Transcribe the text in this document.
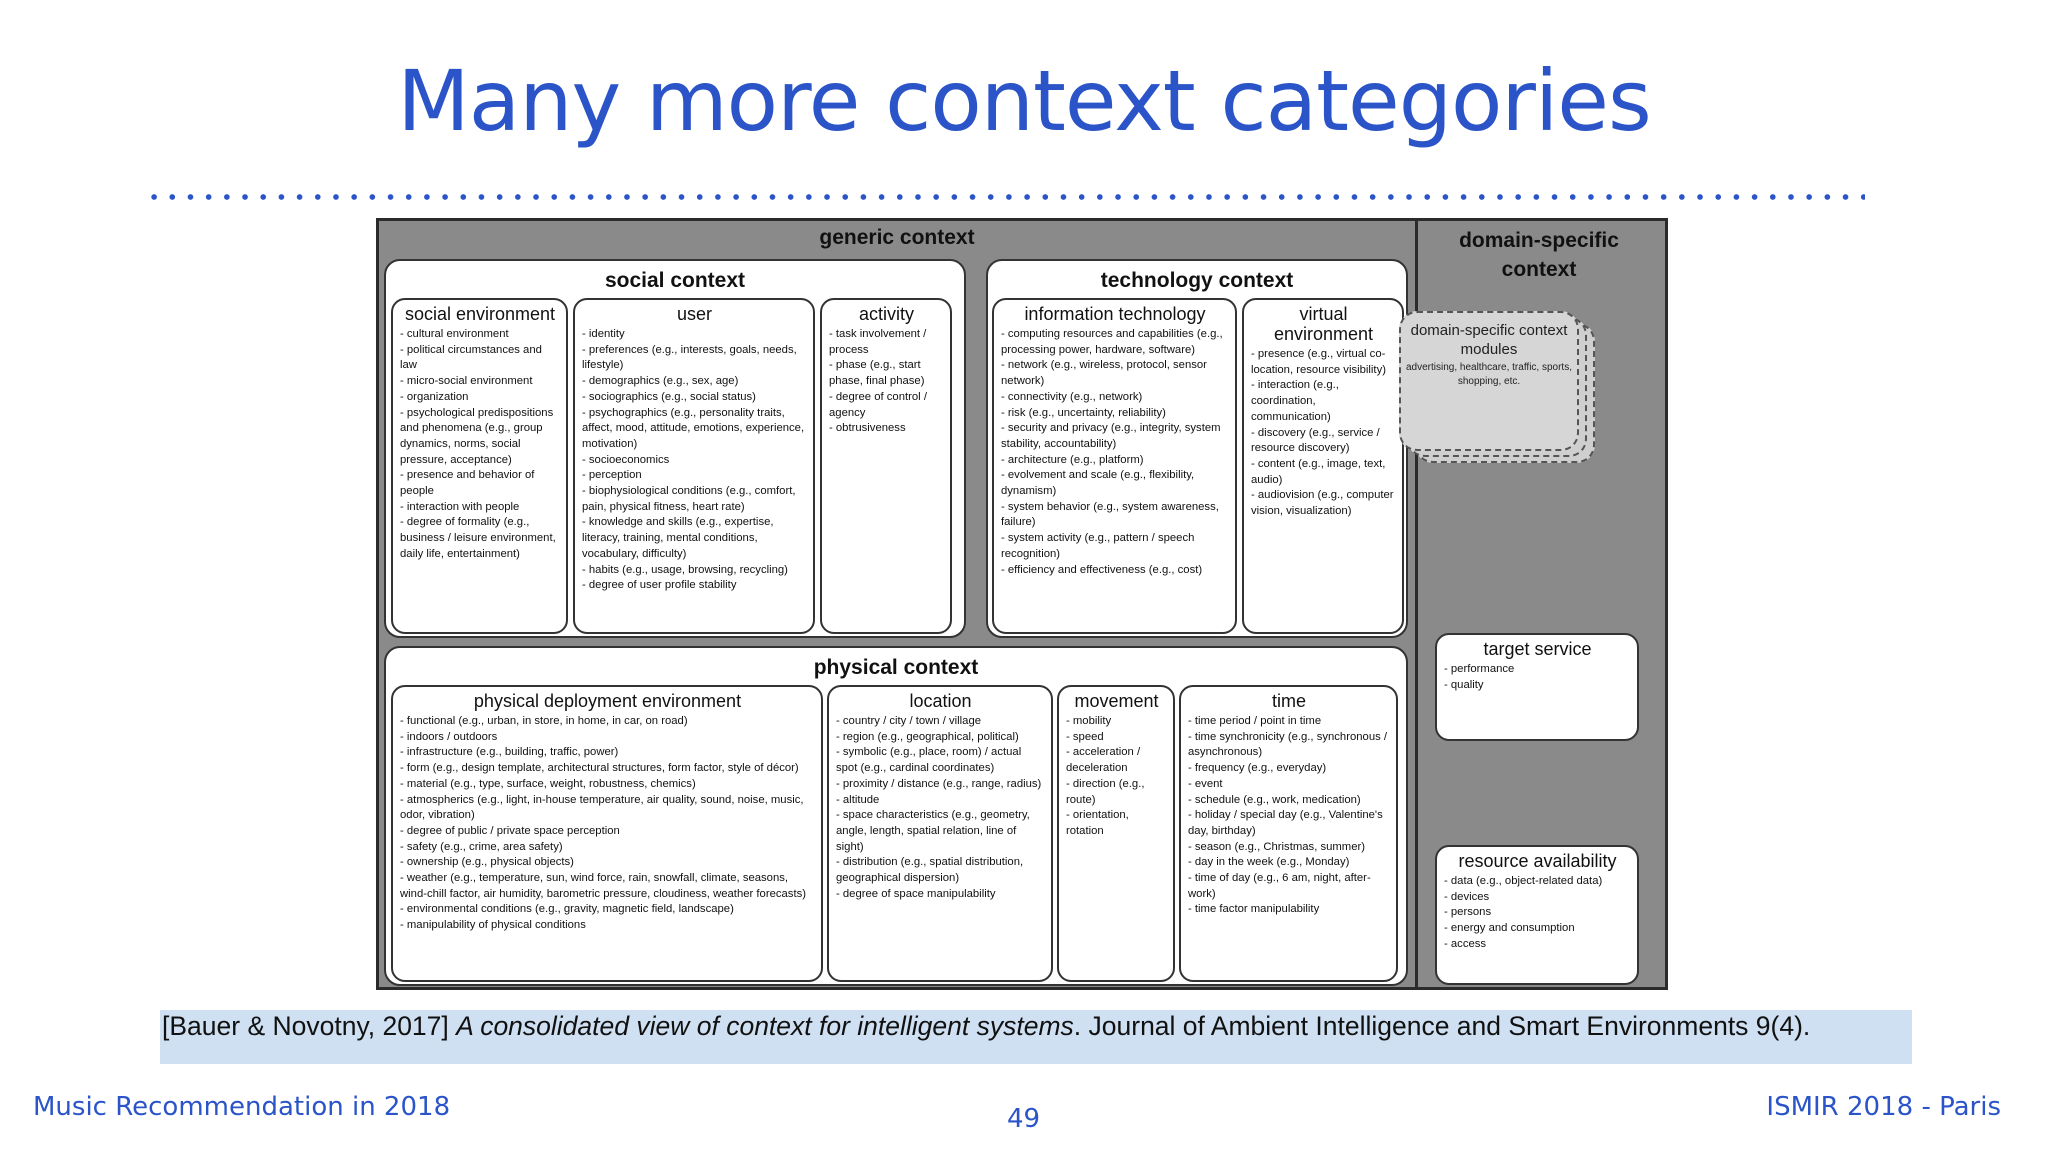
Many more context categories
generic context	domain-specific context
social context
social environment
- cultural environment
- political circumstances and law
- micro-social environment
- organization
- psychological predispositions and phenomena (e.g., group dynamics, norms, social pressure, acceptance)
- presence and behavior of people
- interaction with people
- degree of formality (e.g., business / leisure environment, daily life, entertainment)
user
- identity
- preferences (e.g., interests, goals, needs, lifestyle)
- demographics (e.g., sex, age)
- sociographics (e.g., social status)
- psychographics (e.g., personality traits, affect, mood, attitude, emotions, experience, motivation)
- socioeconomics
- perception
- biophysiological conditions (e.g., comfort, pain, physical fitness, heart rate)
- knowledge and skills (e.g., expertise, literacy, training, mental conditions, vocabulary, difficulty)
- habits (e.g., usage, browsing, recycling)
- degree of user profile stability
activity
- task involvement / process
- phase (e.g., start phase, final phase)
- degree of control / agency
- obtrusiveness
technology context
information technology
- computing resources and capabilities (e.g., processing power, hardware, software)
- network (e.g., wireless, protocol, sensor network)
- connectivity (e.g., network)
- risk (e.g., uncertainty, reliability)
- security and privacy (e.g., integrity, system stability, accountability)
- architecture (e.g., platform)
- evolvement and scale (e.g., flexibility, dynamism)
- system behavior (e.g., system awareness, failure)
- system activity (e.g., pattern / speech recognition)
- efficiency and effectiveness (e.g., cost)
virtual environment
- presence (e.g., virtual co-location, resource visibility)
- interaction (e.g., coordination, communication)
- discovery (e.g., service / resource discovery)
- content (e.g., image, text, audio)
- audiovision (e.g., computer vision, visualization)
physical context
physical deployment environment
- functional (e.g., urban, in store, in home, in car, on road)
- indoors / outdoors
- infrastructure (e.g., building, traffic, power)
- form (e.g., design template, architectural structures, form factor, style of décor)
- material (e.g., type, surface, weight, robustness, chemics)
- atmospherics (e.g., light, in-house temperature, air quality, sound, noise, music, odor, vibration)
- degree of public / private space perception
- safety (e.g., crime, area safety)
- ownership (e.g., physical objects)
- weather (e.g., temperature, sun, wind force, rain, snowfall, climate, seasons, wind-chill factor, air humidity, barometric pressure, cloudiness, weather forecasts)
- environmental conditions (e.g., gravity, magnetic field, landscape)
- manipulability of physical conditions
location
- country / city / town / village
- region (e.g., geographical, political)
- symbolic (e.g., place, room) / actual spot (e.g., cardinal coordinates)
- proximity / distance (e.g., range, radius)
- altitude
- space characteristics (e.g., geometry, angle, length, spatial relation, line of sight)
- distribution (e.g., spatial distribution, geographical dispersion)
- degree of space manipulability
movement
- mobility
- speed
- acceleration / deceleration
- direction (e.g., route)
- orientation, rotation
time
- time period / point in time
- time synchronicity (e.g., synchronous / asynchronous)
- frequency (e.g., everyday)
- event
- schedule (e.g., work, medication)
- holiday / special day (e.g., Valentine's day, birthday)
- season (e.g., Christmas, summer)
- day in the week (e.g., Monday)
- time of day (e.g., 6 am, night, after-work)
- time factor manipulability
domain-specific context modules
advertising, healthcare, traffic, sports, shopping, etc.
target service
- performance
- quality
resource availability
- data (e.g., object-related data)
- devices
- persons
- energy and consumption
- access

[Bauer & Novotny, 2017] A consolidated view of context for intelligent systems. Journal of Ambient Intelligence and Smart Environments 9(4).

Music Recommendation in 2018	49	ISMIR 2018 - Paris
